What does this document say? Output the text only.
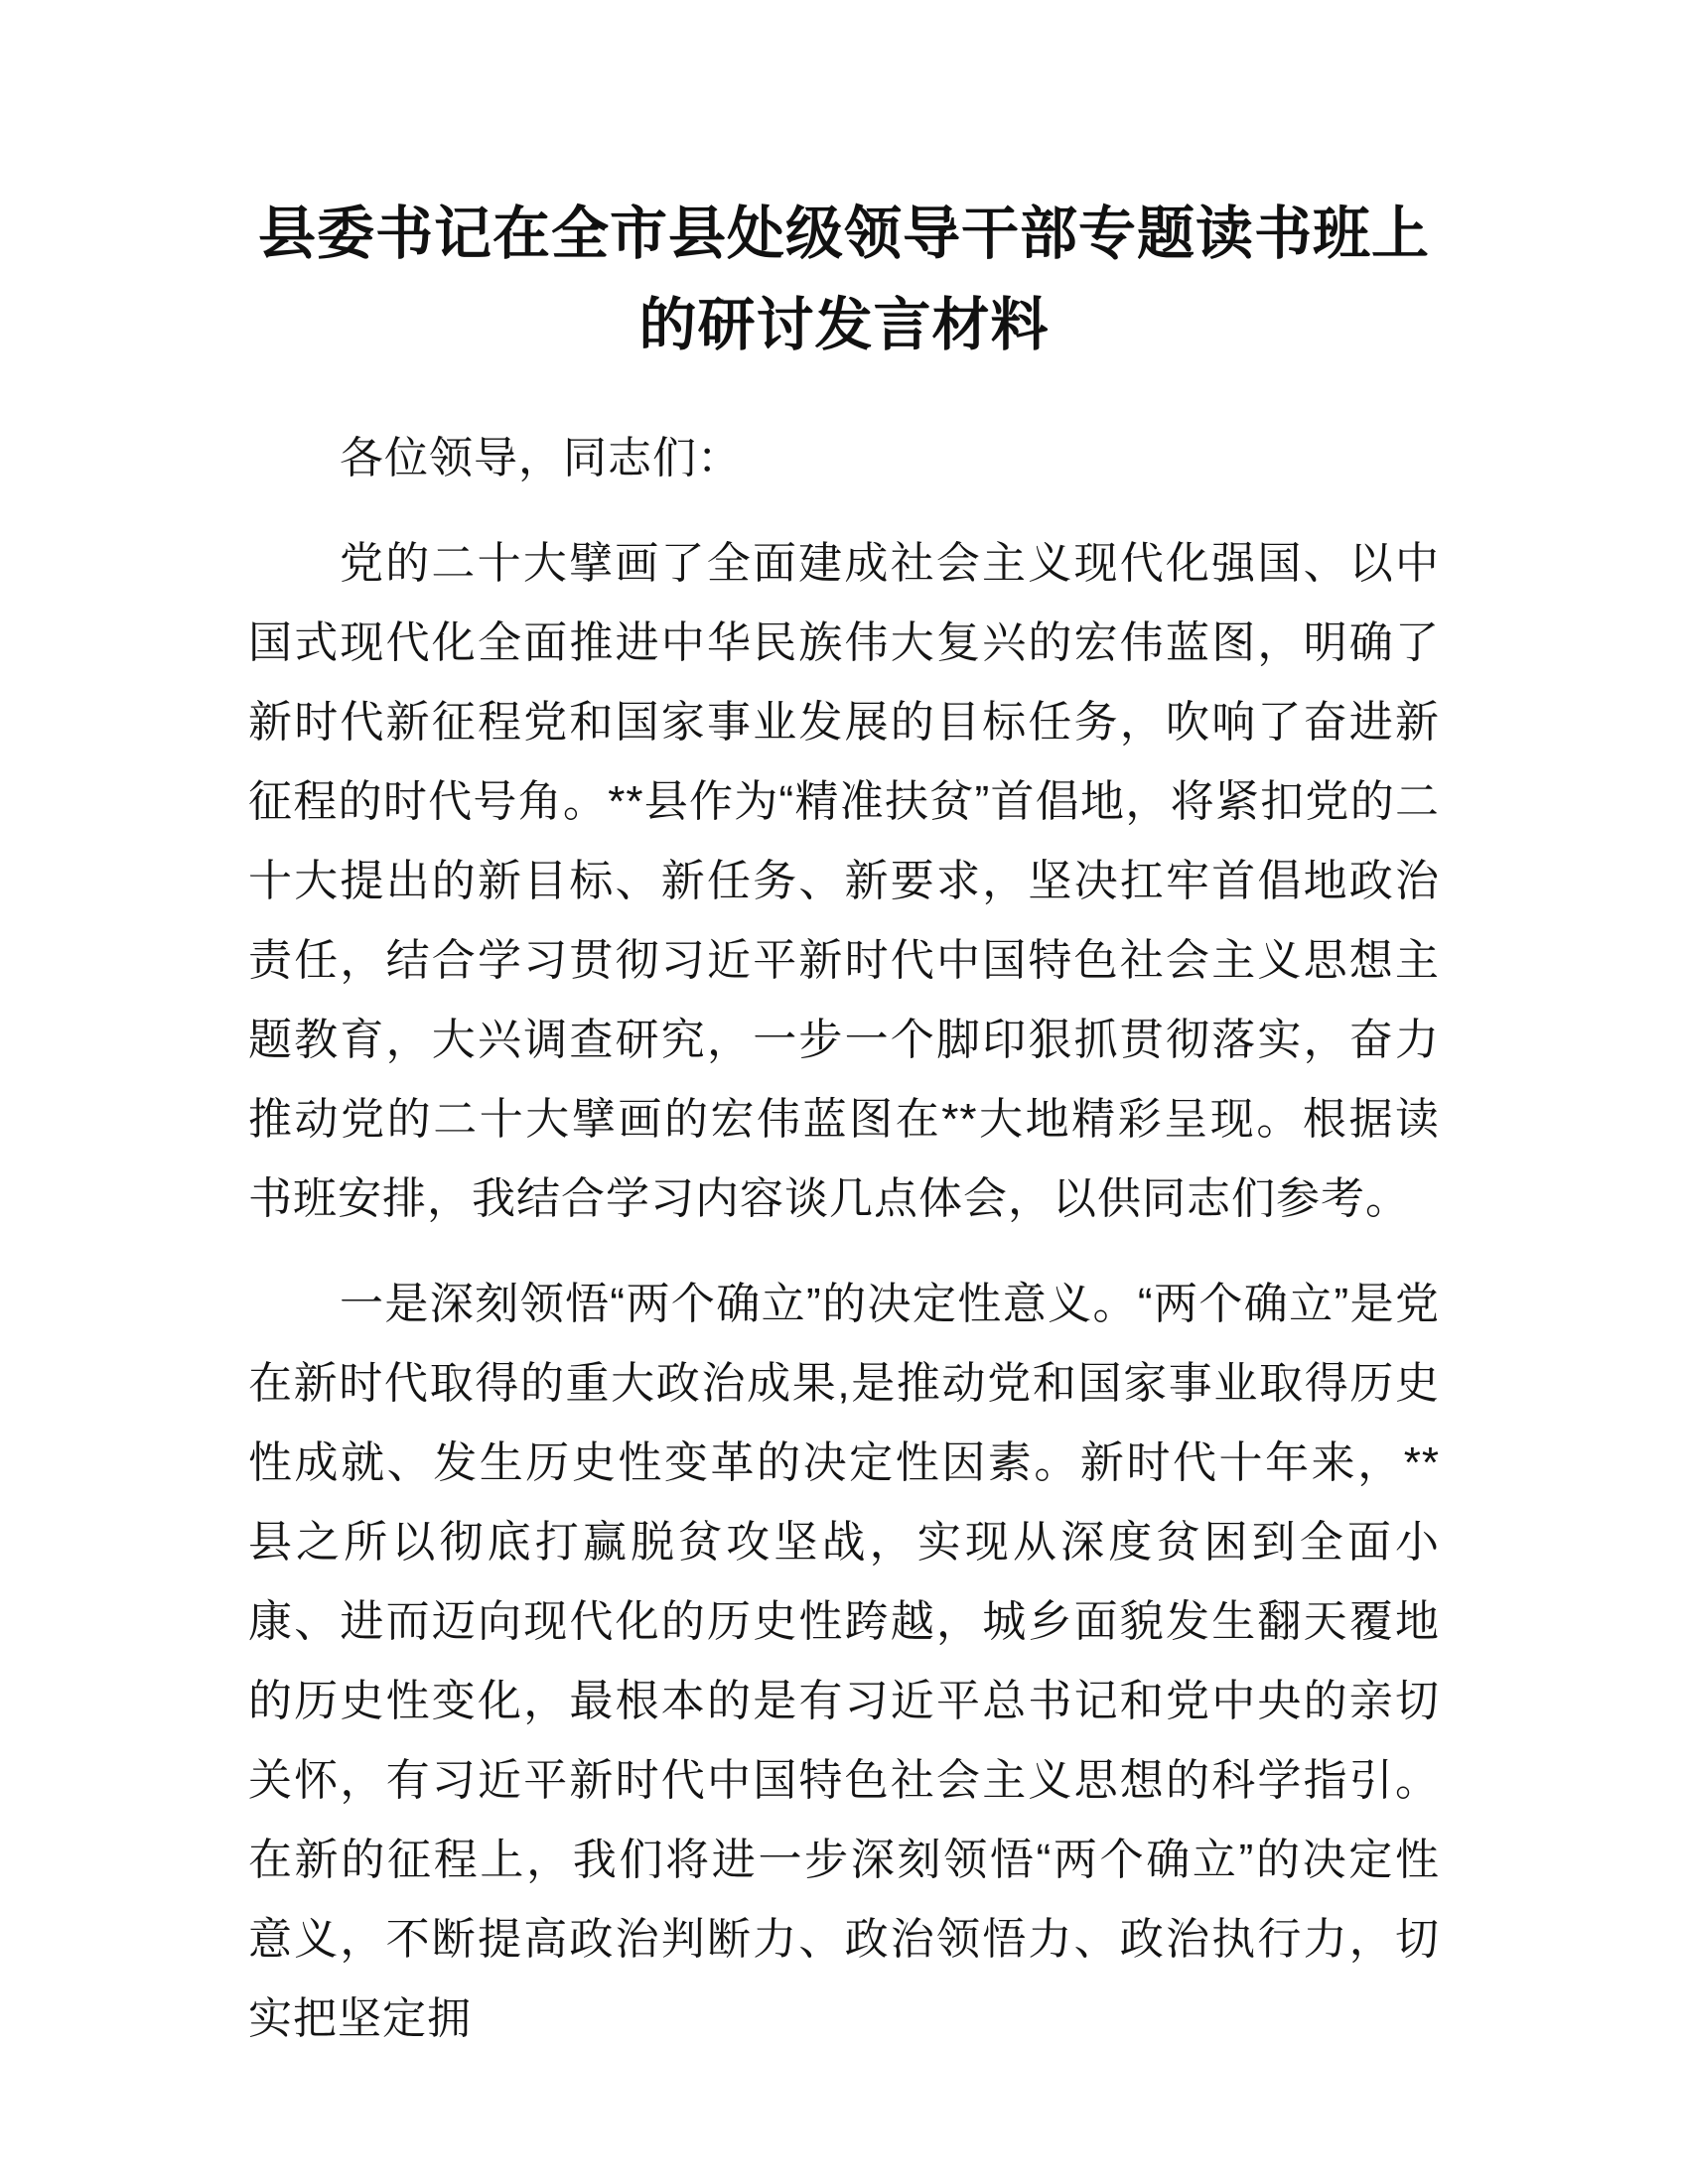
县委书记在全市县处级领导干部专题读书班上的研讨发言材料

各位领导，同志们：

党的二十大擘画了全面建成社会主义现代化强国、以中国式现代化全面推进中华民族伟大复兴的宏伟蓝图，明确了新时代新征程党和国家事业发展的目标任务，吹响了奋进新征程的时代号角。**县作为“精准扶贫”首倡地，将紧扣党的二十大提出的新目标、新任务、新要求，坚决扛牢首倡地政治责任，结合学习贯彻习近平新时代中国特色社会主义思想主题教育，大兴调查研究，一步一个脚印狠抓贯彻落实，奋力推动党的二十大擘画的宏伟蓝图在**大地精彩呈现。根据读书班安排，我结合学习内容谈几点体会，以供同志们参考。

一是深刻领悟“两个确立”的决定性意义。“两个确立”是党在新时代取得的重大政治成果,是推动党和国家事业取得历史性成就、发生历史性变革的决定性因素。新时代十年来，**县之所以彻底打赢脱贫攻坚战，实现从深度贫困到全面小康、进而迈向现代化的历史性跨越，城乡面貌发生翻天覆地的历史性变化，最根本的是有习近平总书记和党中央的亲切关怀，有习近平新时代中国特色社会主义思想的科学指引。在新的征程上，我们将进一步深刻领悟“两个确立”的决定性意义，不断提高政治判断力、政治领悟力、政治执行力，切实把坚定拥
